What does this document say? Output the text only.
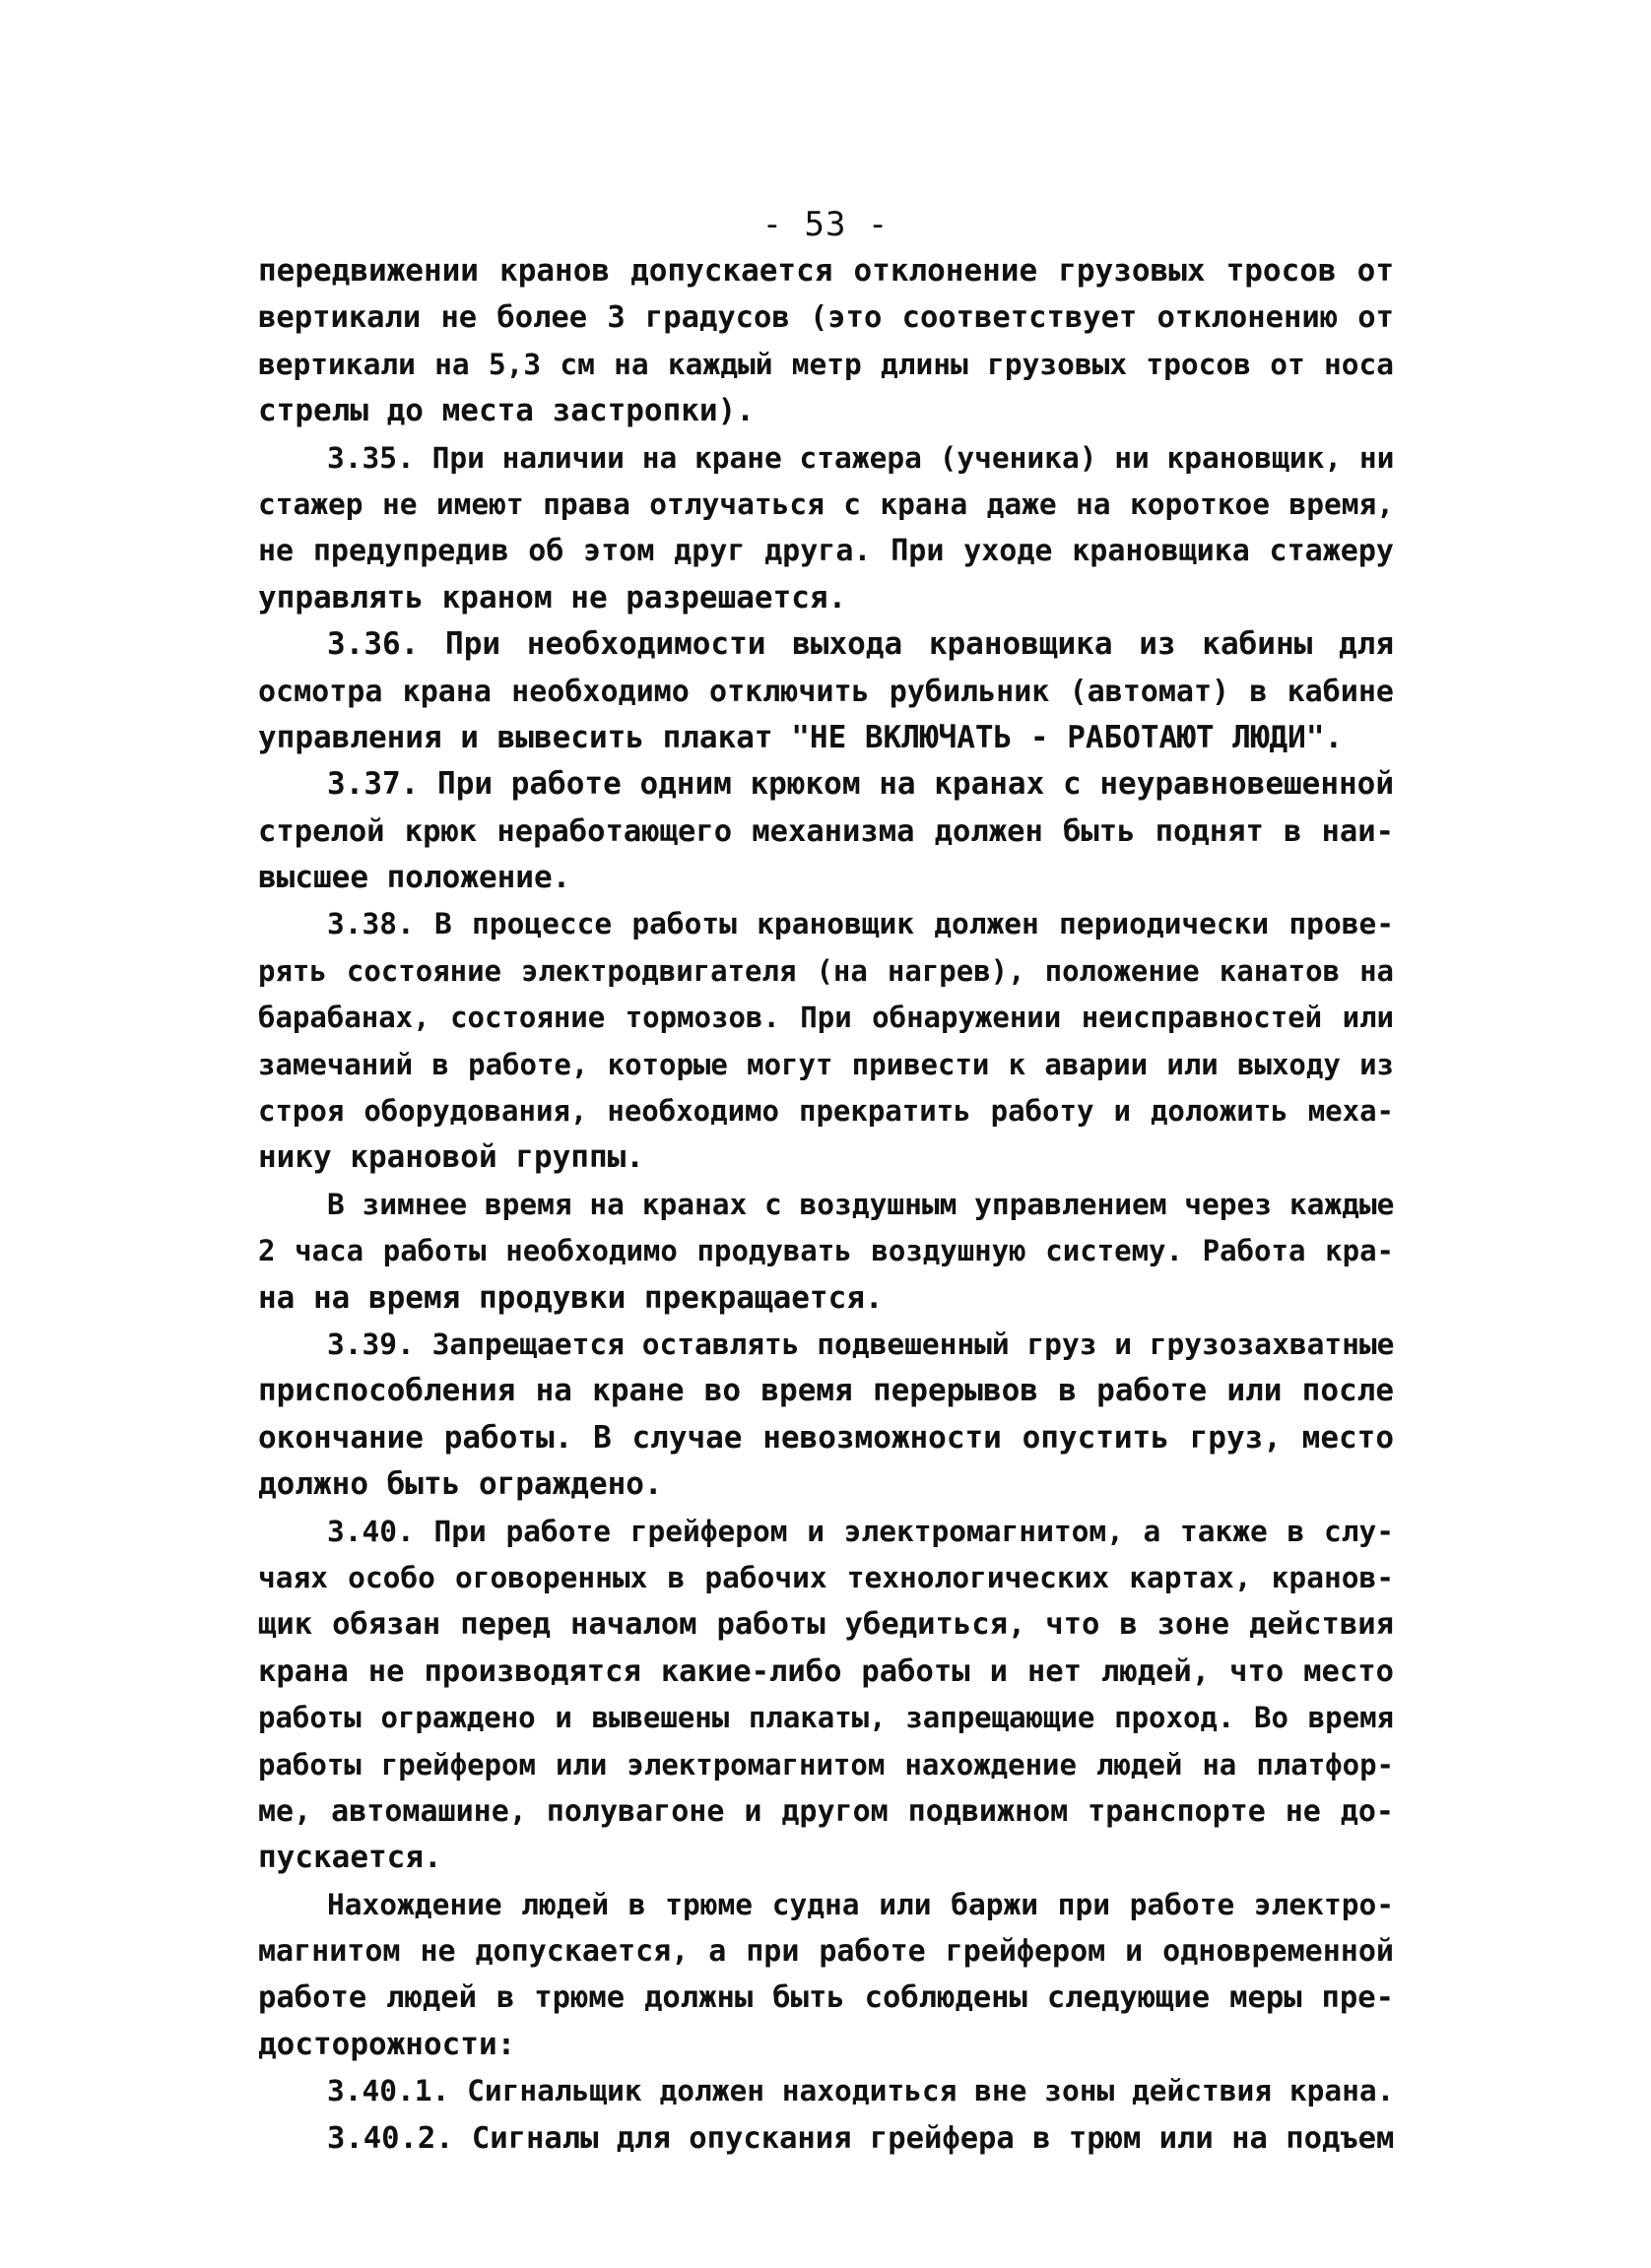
- 53 -
передвижении кранов допускается отклонение грузовых тросов от
вертикали не более 3 градусов (это соответствует отклонению от
вертикали на 5,3 см на каждый метр длины грузовых тросов от носа
стрелы до места застропки).
3.35. При наличии на кране стажера (ученика) ни крановщик, ни
стажер не имеют права отлучаться с крана даже на короткое время,
не предупредив об этом друг друга. При уходе крановщика стажеру
управлять краном не разрешается.
3.36. При необходимости выхода крановщика из кабины для
осмотра крана необходимо отключить рубильник (автомат) в кабине
управления и вывесить плакат "НЕ ВКЛЮЧАТЬ - РАБОТАЮТ ЛЮДИ".
3.37. При работе одним крюком на кранах с неуравновешенной
стрелой крюк неработающего механизма должен быть поднят в наи-
высшее положение.
3.38. В процессе работы крановщик должен периодически прове-
рять состояние электродвигателя (на нагрев), положение канатов на
барабанах, состояние тормозов. При обнаружении неисправностей или
замечаний в работе, которые могут привести к аварии или выходу из
строя оборудования, необходимо прекратить работу и доложить меха-
нику крановой группы.
В зимнее время на кранах с воздушным управлением через каждые
2 часа работы необходимо продувать воздушную систему. Работа кра-
на на время продувки прекращается.
3.39. Запрещается оставлять подвешенный груз и грузозахватные
приспособления на кране во время перерывов в работе или после
окончание работы. В случае невозможности опустить груз, место
должно быть ограждено.
3.40. При работе грейфером и электромагнитом, а также в слу-
чаях особо оговоренных в рабочих технологических картах, кранов-
щик обязан перед началом работы убедиться, что в зоне действия
крана не производятся какие-либо работы и нет людей, что место
работы ограждено и вывешены плакаты, запрещающие проход. Во время
работы грейфером или электромагнитом нахождение людей на платфор-
ме, автомашине, полувагоне и другом подвижном транспорте не до-
пускается.
Нахождение людей в трюме судна или баржи при работе электро-
магнитом не допускается, а при работе грейфером и одновременной
работе людей в трюме должны быть соблюдены следующие меры пре-
досторожности:
3.40.1. Сигнальщик должен находиться вне зоны действия крана.
3.40.2. Сигналы для опускания грейфера в трюм или на подъем
